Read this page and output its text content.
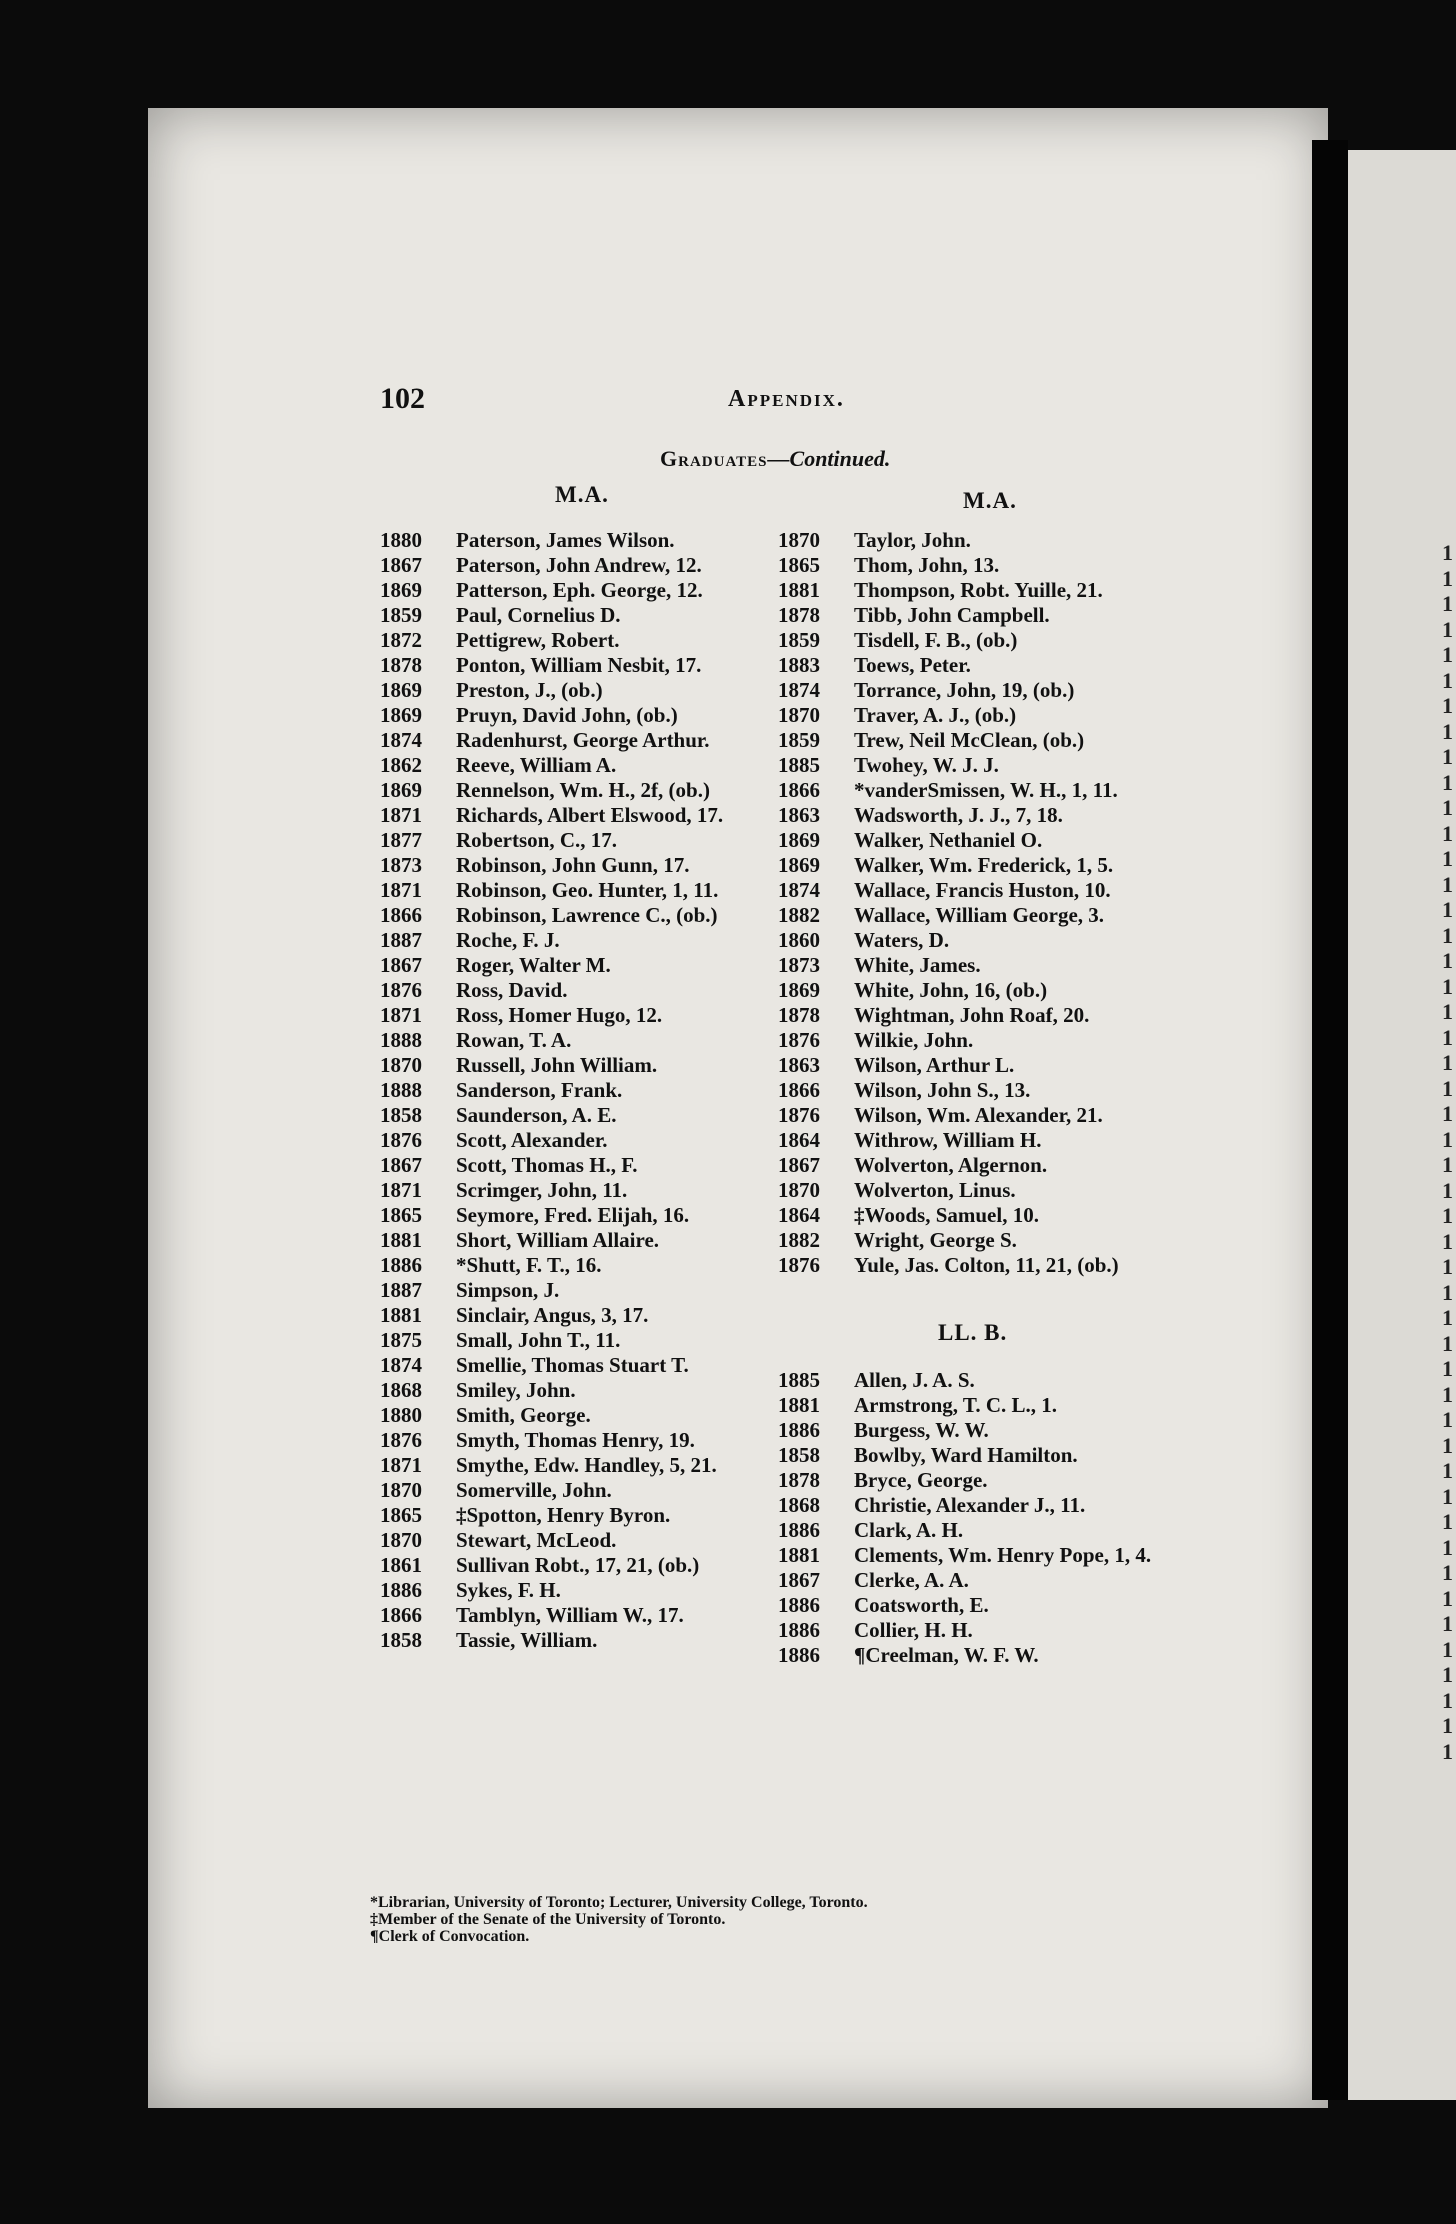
1
1
1
1
1
1
1
1
1
1
1
1
1
1
1
1
1
1
1
1
1
1
1
1
1
1
1
1
1
1
1
1
1
1
1
1
1
1
1
1
1
1
1
1
1
1
1
1
102	Appendix.
Graduates—Continued.
M.A.
1880 Paterson, James Wilson.
1867 Paterson, John Andrew, 12.
1869 Patterson, Eph. George, 12.
1859 Paul, Cornelius D.
1872 Pettigrew, Robert.
1878 Ponton, William Nesbit, 17.
1869 Preston, J., (ob.)
1869 Pruyn, David John, (ob.)
1874 Radenhurst, George Arthur.
1862 Reeve, William A.
1869 Rennelson, Wm. H., 2f, (ob.)
1871 Richards, Albert Elswood, 17.
1877 Robertson, C., 17.
1873 Robinson, John Gunn, 17.
1871 Robinson, Geo. Hunter, 1, 11.
1866 Robinson, Lawrence C., (ob.)
1887 Roche, F. J.
1867 Roger, Walter M.
1876 Ross, David.
1871 Ross, Homer Hugo, 12.
1888 Rowan, T. A.
1870 Russell, John William.
1888 Sanderson, Frank.
1858 Saunderson, A. E.
1876 Scott, Alexander.
1867 Scott, Thomas H., F.
1871 Scrimger, John, 11.
1865 Seymore, Fred. Elijah, 16.
1881 Short, William Allaire.
1886 *Shutt, F. T., 16.
1887 Simpson, J.
1881 Sinclair, Angus, 3, 17.
1875 Small, John T., 11.
1874 Smellie, Thomas Stuart T.
1868 Smiley, John.
1880 Smith, George.
1876 Smyth, Thomas Henry, 19.
1871 Smythe, Edw. Handley, 5, 21.
1870 Somerville, John.
1865 ‡Spotton, Henry Byron.
1870 Stewart, McLeod.
1861 Sullivan Robt., 17, 21, (ob.)
1886 Sykes, F. H.
1866 Tamblyn, William W., 17.
1858 Tassie, William.
M.A.
1870 Taylor, John.
1865 Thom, John, 13.
1881 Thompson, Robt. Yuille, 21.
1878 Tibb, John Campbell.
1859 Tisdell, F. B., (ob.)
1883 Toews, Peter.
1874 Torrance, John, 19, (ob.)
1870 Traver, A. J., (ob.)
1859 Trew, Neil McClean, (ob.)
1885 Twohey, W. J. J.
1866 *vanderSmissen, W. H., 1, 11.
1863 Wadsworth, J. J., 7, 18.
1869 Walker, Nethaniel O.
1869 Walker, Wm. Frederick, 1, 5.
1874 Wallace, Francis Huston, 10.
1882 Wallace, William George, 3.
1860 Waters, D.
1873 White, James.
1869 White, John, 16, (ob.)
1878 Wightman, John Roaf, 20.
1876 Wilkie, John.
1863 Wilson, Arthur L.
1866 Wilson, John S., 13.
1876 Wilson, Wm. Alexander, 21.
1864 Withrow, William H.
1867 Wolverton, Algernon.
1870 Wolverton, Linus.
1864 ‡Woods, Samuel, 10.
1882 Wright, George S.
1876 Yule, Jas. Colton, 11, 21, (ob.)
LL. B.
1885 Allen, J. A. S.
1881 Armstrong, T. C. L., 1.
1886 Burgess, W. W.
1858 Bowlby, Ward Hamilton.
1878 Bryce, George.
1868 Christie, Alexander J., 11.
1886 Clark, A. H.
1881 Clements, Wm. Henry Pope, 1, 4.
1867 Clerke, A. A.
1886 Coatsworth, E.
1886 Collier, H. H.
1886 ¶Creelman, W. F. W.
*Librarian, University of Toronto; Lecturer, University College, Toronto.
‡Member of the Senate of the University of Toronto.
¶Clerk of Convocation.
